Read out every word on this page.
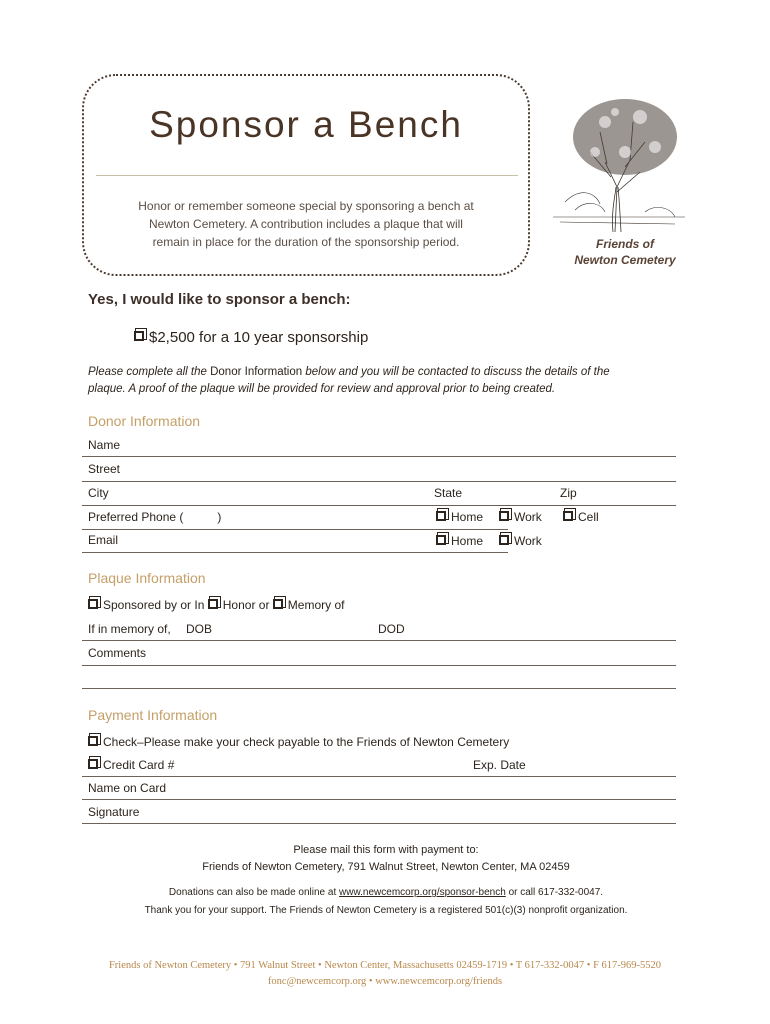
Sponsor a Bench
Honor or remember someone special by sponsoring a bench at
Newton Cemetery. A contribution includes a plaque that will
remain in place for the duration of the sponsorship period.	Friends of
Newton Cemetery
Yes, I would like to sponsor a bench:
$2,500 for a 10 year sponsorship
Please complete all the Donor Information below and you will be contacted to discuss the details of the
plaque. A proof of the plaque will be provided for review and approval prior to being created.
Donor Information
Name
Street
City	State	Zip
Preferred Phone (	)	Home	Work	Cell
Email	Home	Work
Plaque Information
Sponsored by or In Honor or Memory of
If in memory of, DOB	DOD
Comments
Payment Information
Check–Please make your check payable to the Friends of Newton Cemetery
Credit Card #	Exp. Date
Name on Card
Signature
Please mail this form with payment to:
Friends of Newton Cemetery, 791 Walnut Street, Newton Center, MA 02459
Donations can also be made online at www.newcemcorp.org/sponsor-bench or call 617-332-0047.
Thank you for your support. The Friends of Newton Cemetery is a registered 501(c)(3) nonprofit organization.
Friends of Newton Cemetery • 791 Walnut Street • Newton Center, Massachusetts 02459-1719 • T 617-332-0047 • F 617-969-5520
fonc@newcemcorp.org • www.newcemcorp.org/friends
